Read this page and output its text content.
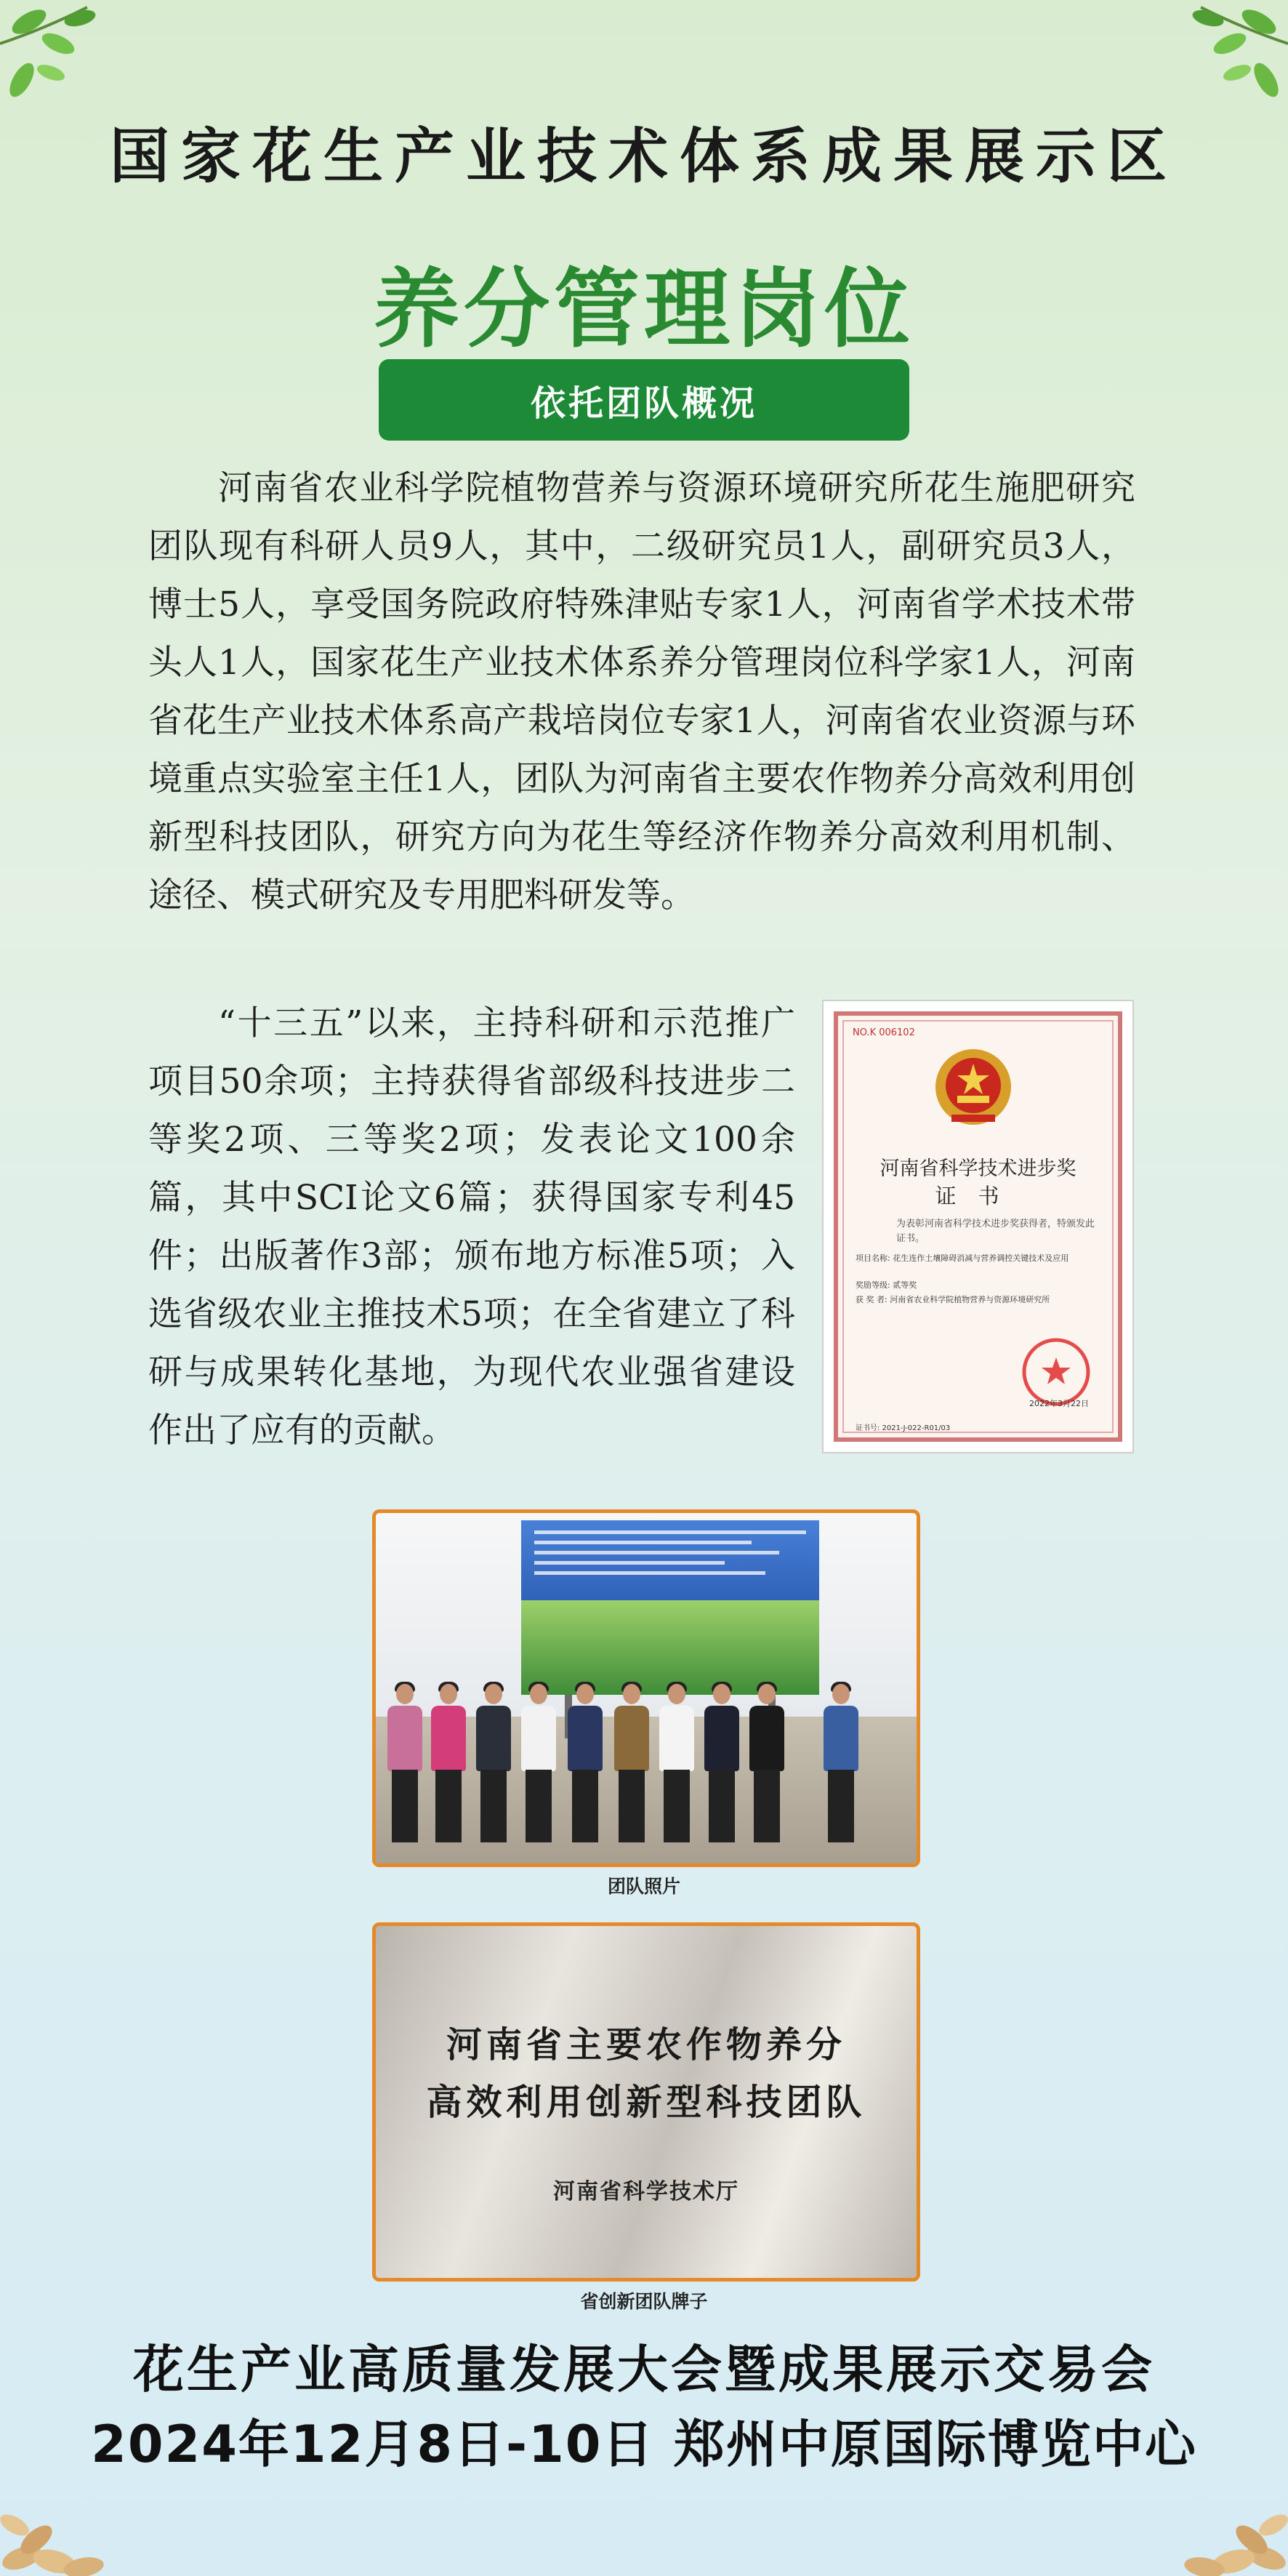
国家花生产业技术体系成果展示区
养分管理岗位
依托团队概况

河南省农业科学院植物营养与资源环境研究所花生施肥研究团队现有科研人员9人，其中，二级研究员1人，副研究员3人，博士5人，享受国务院政府特殊津贴专家1人，河南省学术技术带头人1人，国家花生产业技术体系养分管理岗位科学家1人，河南省花生产业技术体系高产栽培岗位专家1人，河南省农业资源与环境重点实验室主任1人，团队为河南省主要农作物养分高效利用创新型科技团队，研究方向为花生等经济作物养分高效利用机制、途径、模式研究及专用肥料研发等。

“十三五”以来，主持科研和示范推广项目50余项；主持获得省部级科技进步二等奖2项、三等奖2项；发表论文100余篇，其中SCI论文6篇；获得国家专利45件；出版著作3部；颁布地方标准5项；入选省级农业主推技术5项；在全省建立了科研与成果转化基地，为现代农业强省建设作出了应有的贡献。

NO.K 006102
河南省科学技术进步奖
证书
为表彰河南省科学技术进步奖获得者，特颁发此证书。
项目名称: 花生连作土壤障碍消减与营养调控关键技术及应用
奖励等级: 贰等奖
获 奖 者: 河南省农业科学院植物营养与资源环境研究所
2022年3月22日
证书号: 2021-J-022-R01/03
团队照片
河南省主要农作物养分
高效利用创新型科技团队
河南省科学技术厅
省创新团队牌子
花生产业高质量发展大会暨成果展示交易会
2024年12月8日-10日 郑州中原国际博览中心
